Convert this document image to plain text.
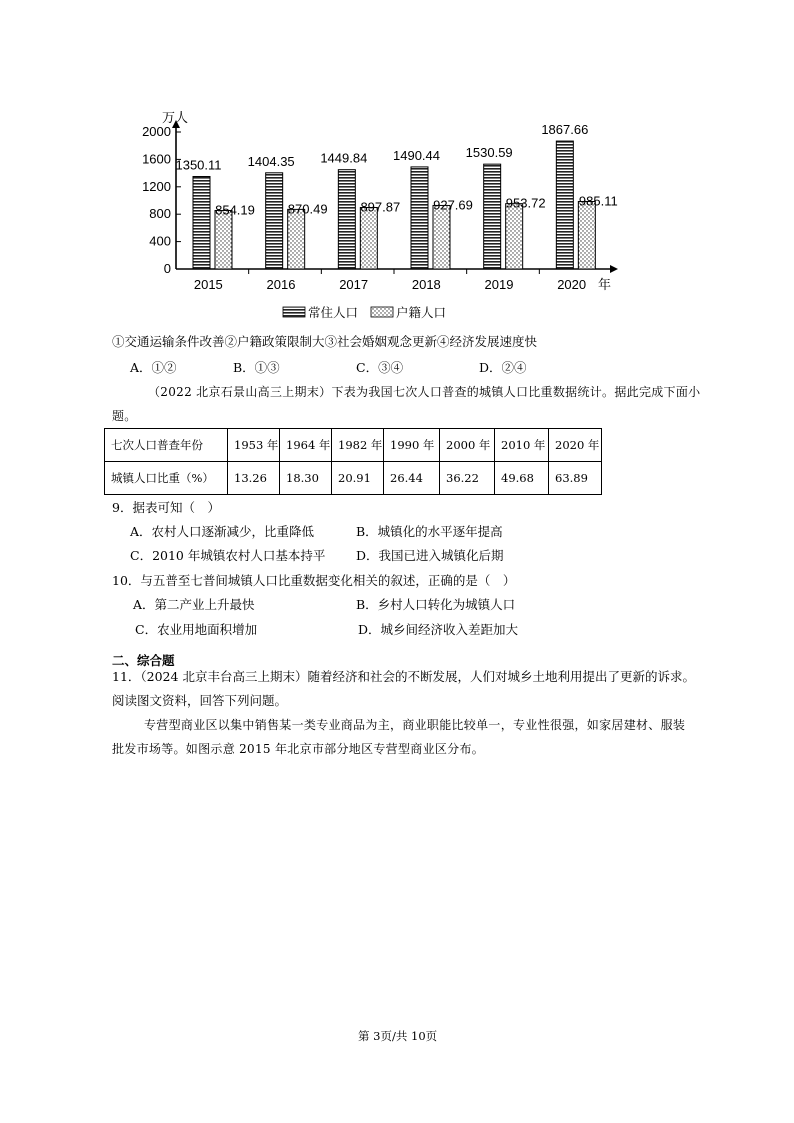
0
400
800
1200
1600
2000
1350.11
854.19
2015
1404.35
870.49
2016
1449.84
897.87
2017
1490.44
927.69
2018
1530.59
953.72
2019
1867.66
985.11
2020
万人
年
常住人口	户籍人口
①交通运输条件改善②户籍政策限制大③社会婚姻观念更新④经济发展速度快
A．①②	B．①③	C．③④	D．②④
（2022 北京石景山高三上期末）下表为我国七次人口普查的城镇人口比重数据统计。据此完成下面小
题。
七次人口普查年份	1953 年	1964 年	1982 年	1990 年	2000 年	2010 年	2020 年
城镇人口比重（%）	13.26	18.30	20.91	26.44	36.22	49.68	63.89
9．据表可知（　）
A．农村人口逐渐减少，比重降低	B．城镇化的水平逐年提高
C．2010 年城镇农村人口基本持平 D．我国已进入城镇化后期
10．与五普至七普间城镇人口比重数据变化相关的叙述，正确的是（　）
A．第二产业上升最快	B．乡村人口转化为城镇人口
C．农业用地面积增加	D．城乡间经济收入差距加大
二、综合题
11．（2024 北京丰台高三上期末）随着经济和社会的不断发展，人们对城乡土地利用提出了更新的诉求。
阅读图文资料，回答下列问题。
专营型商业区以集中销售某一类专业商品为主，商业职能比较单一，专业性很强，如家居建材、服装
批发市场等。如图示意 2015 年北京市部分地区专营型商业区分布。
第 3页/共 10页
